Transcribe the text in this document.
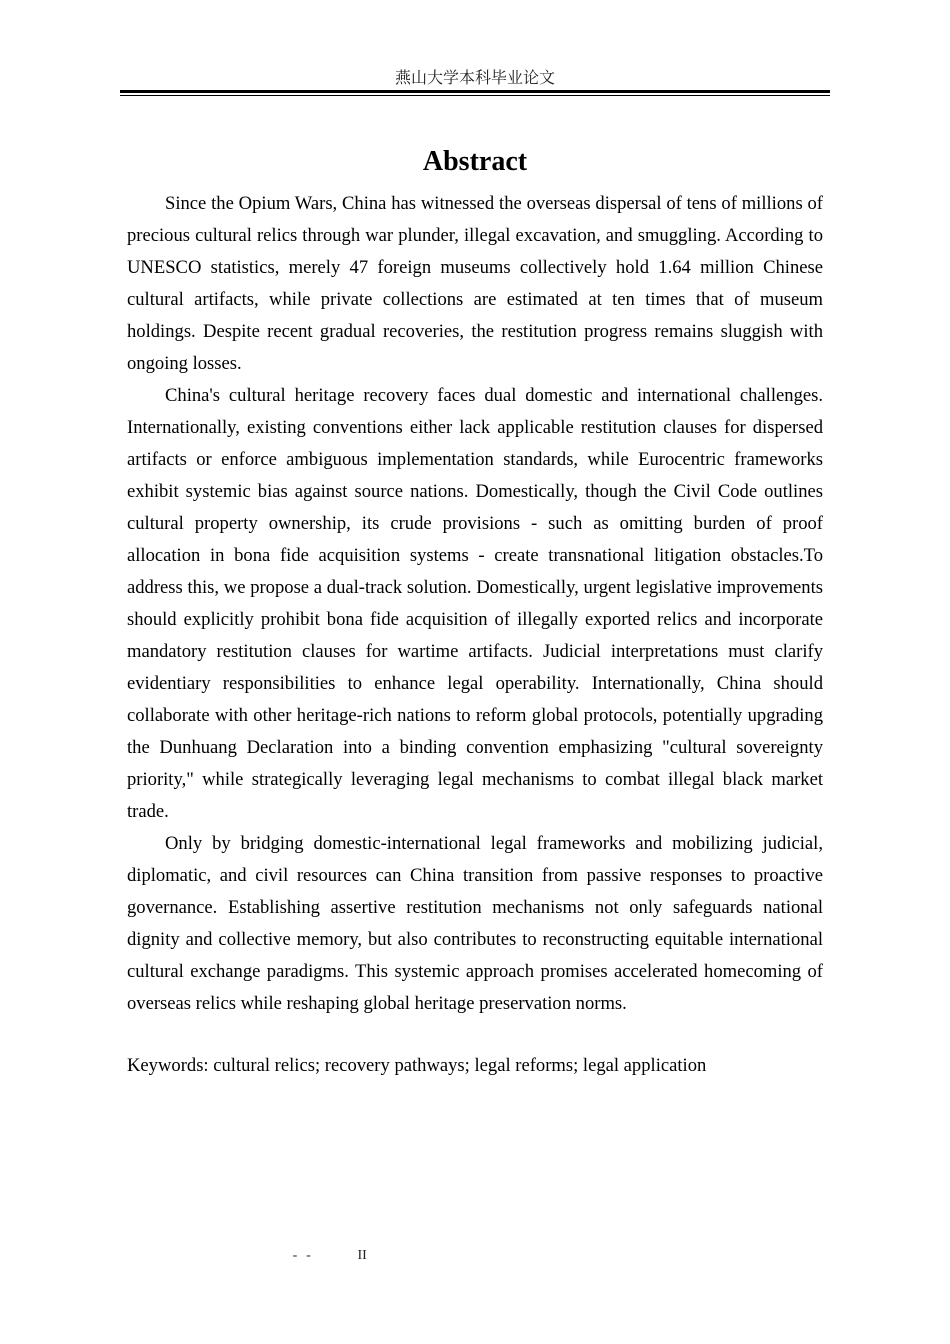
燕山大学本科毕业论文
Abstract

Since the Opium Wars, China has witnessed the overseas dispersal of tens of millions of precious cultural relics through war plunder, illegal excavation, and smuggling. According to UNESCO statistics, merely 47 foreign museums collectively hold 1.64 million Chinese cultural artifacts, while private collections are estimated at ten times that of museum holdings. Despite recent gradual recoveries, the restitution progress remains sluggish with ongoing losses.

China's cultural heritage recovery faces dual domestic and international challenges. Internationally, existing conventions either lack applicable restitution clauses for dispersed artifacts or enforce ambiguous implementation standards, while Eurocentric frameworks exhibit systemic bias against source nations. Domestically, though the Civil Code outlines cultural property ownership, its crude provisions - such as omitting burden of proof allocation in bona fide acquisition systems - create transnational litigation obstacles.To address this, we propose a dual-track solution. Domestically, urgent legislative improvements should explicitly prohibit bona fide acquisition of illegally exported relics and incorporate mandatory restitution clauses for wartime artifacts. Judicial interpretations must clarify evidentiary responsibilities to enhance legal operability. Internationally, China should collaborate with other heritage-rich nations to reform global protocols, potentially upgrading the Dunhuang Declaration into a binding convention emphasizing "cultural sovereignty priority," while strategically leveraging legal mechanisms to combat illegal black market trade.

Only by bridging domestic-international legal frameworks and mobilizing judicial, diplomatic, and civil resources can China transition from passive responses to proactive governance. Establishing assertive restitution mechanisms not only safeguards national dignity and collective memory, but also contributes to reconstructing equitable international cultural exchange paradigms. This systemic approach promises accelerated homecoming of overseas relics while reshaping global heritage preservation norms.

Keywords: cultural relics; recovery pathways; legal reforms; legal application

- -	II
